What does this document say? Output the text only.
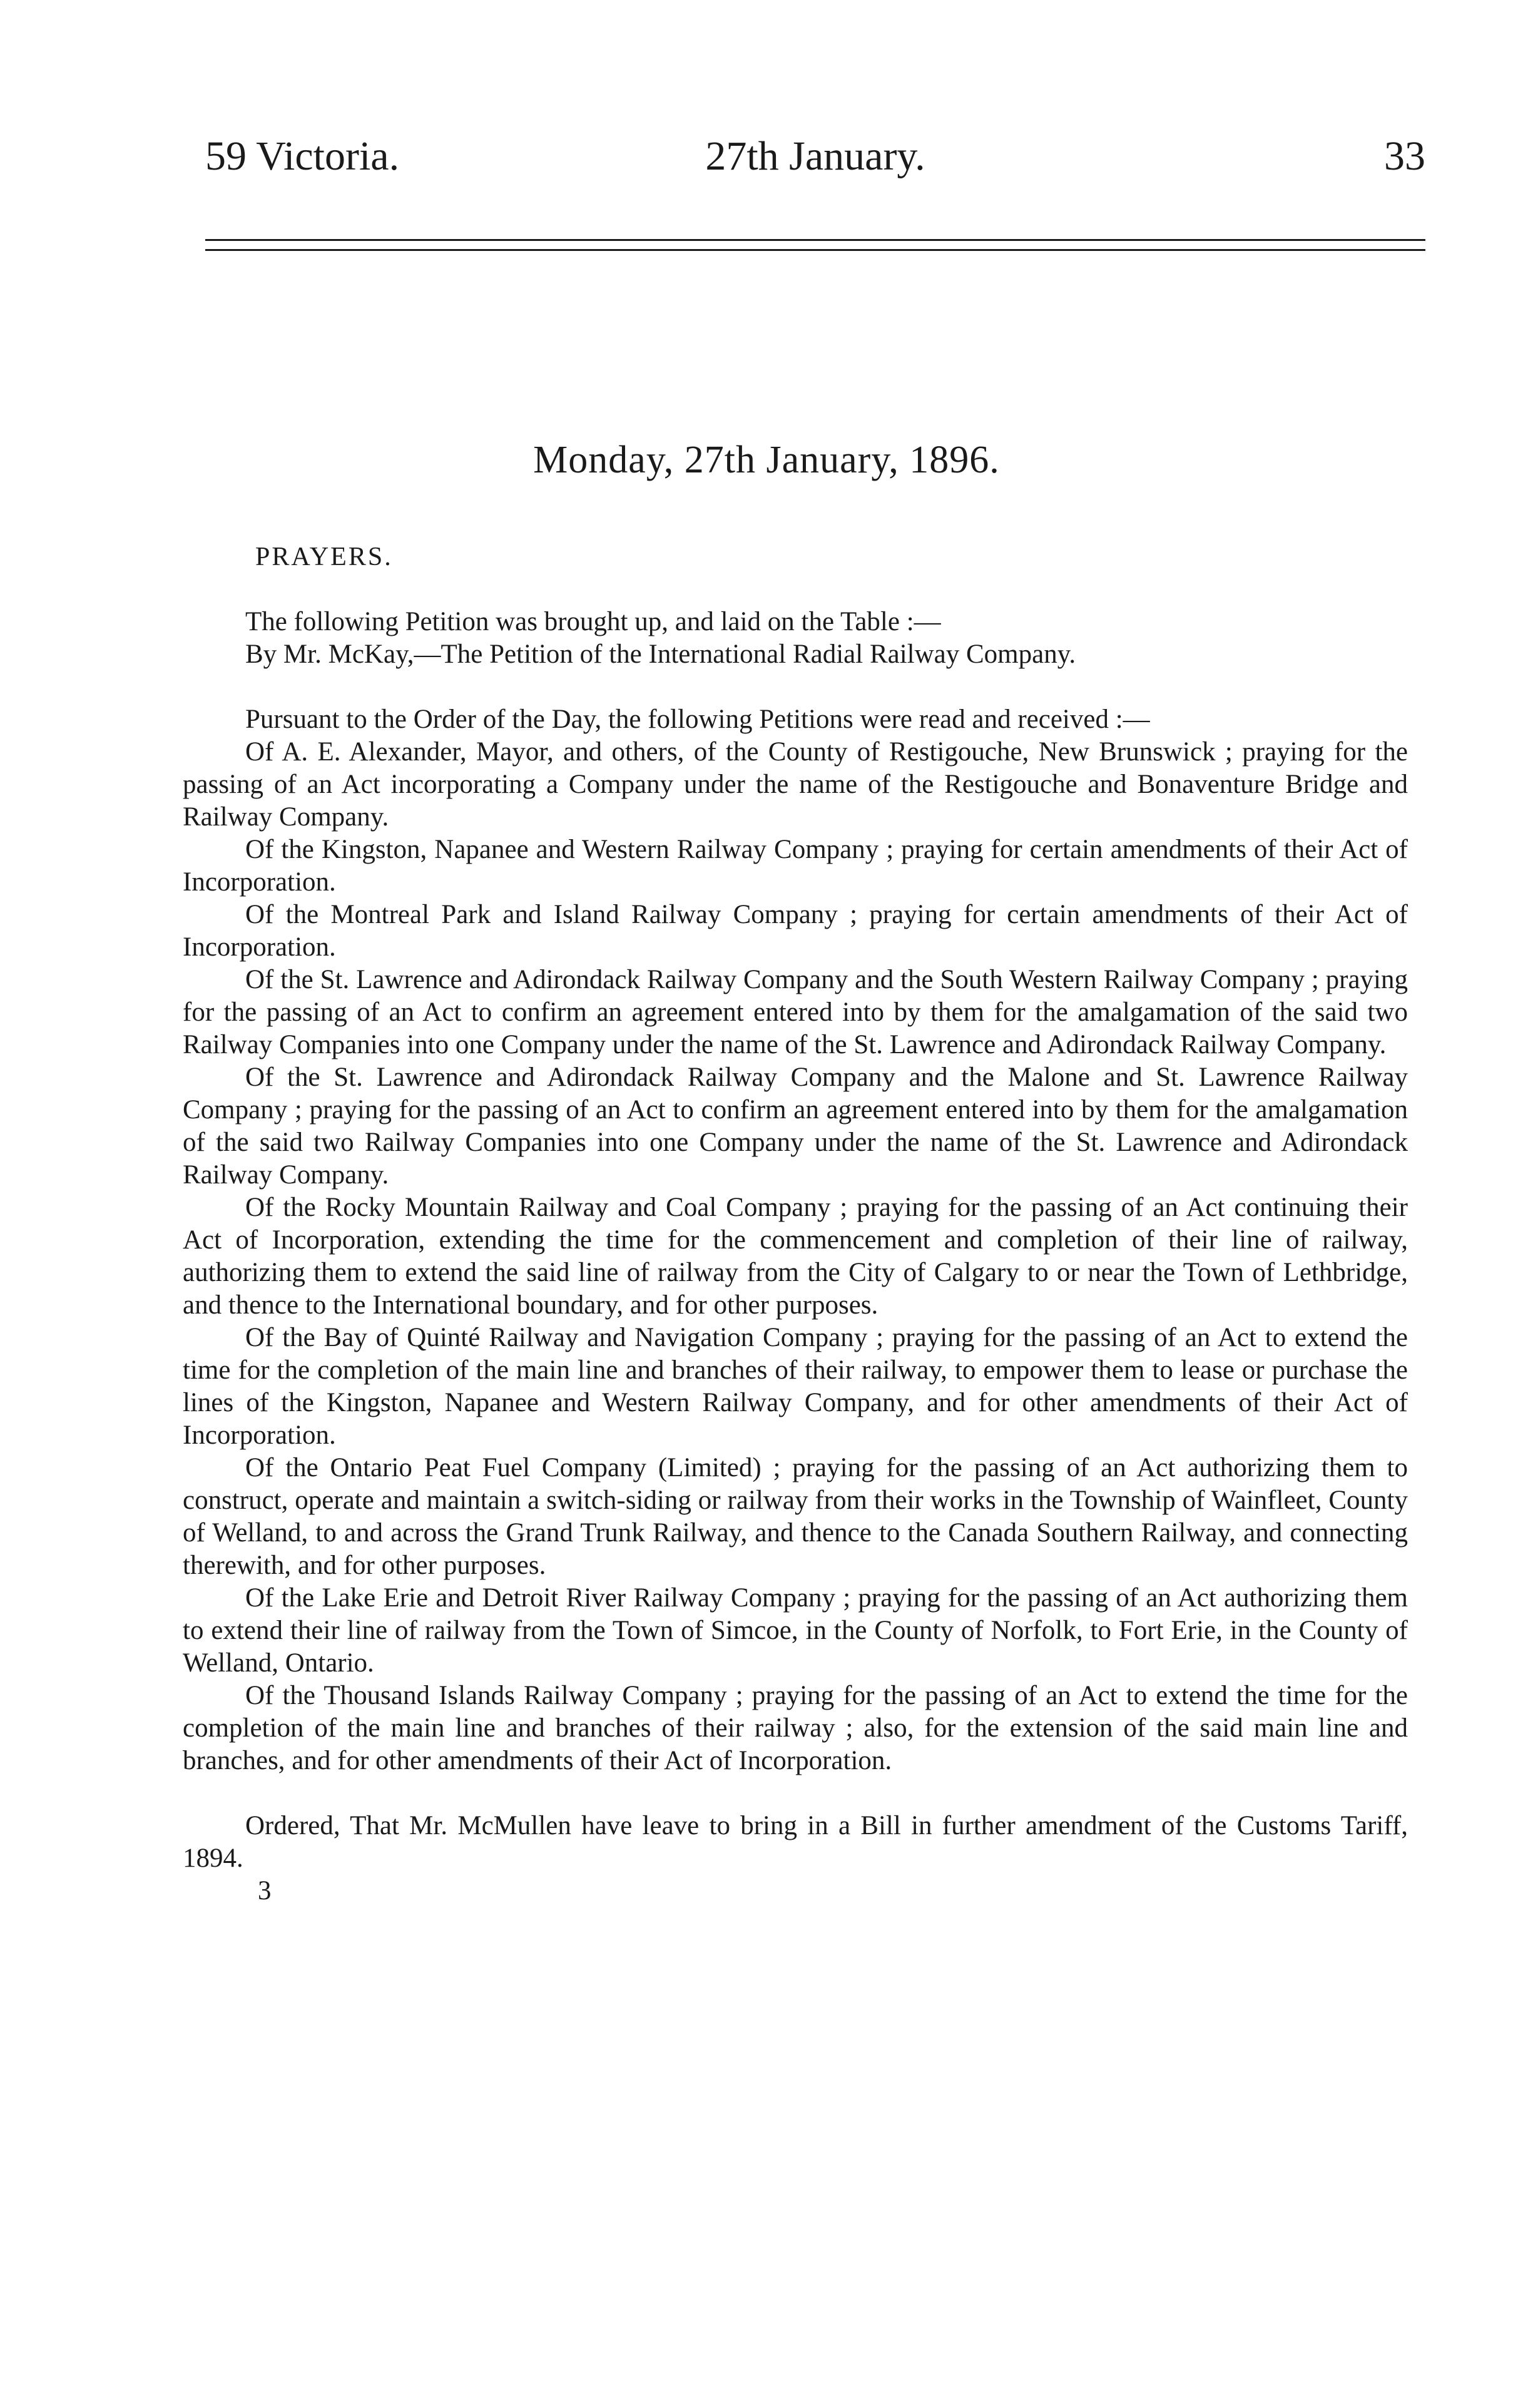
59 Victoria.	27th January.	33
Monday, 27th January, 1896.
PRAYERS.

The following Petition was brought up, and laid on the Table :—

By Mr. McKay,—The Petition of the International Radial Railway Company.

Pursuant to the Order of the Day, the following Petitions were read and received :—

Of A. E. Alexander, Mayor, and others, of the County of Restigouche, New Brunswick ; praying for the passing of an Act incorporating a Company under the name of the Restigouche and Bonaventure Bridge and Railway Company.

Of the Kingston, Napanee and Western Railway Company ; praying for certain amendments of their Act of Incorporation.

Of the Montreal Park and Island Railway Company ; praying for certain amendments of their Act of Incorporation.

Of the St. Lawrence and Adirondack Railway Company and the South Western Railway Company ; praying for the passing of an Act to confirm an agreement entered into by them for the amalgamation of the said two Railway Companies into one Company under the name of the St. Lawrence and Adirondack Railway Company.

Of the St. Lawrence and Adirondack Railway Company and the Malone and St. Lawrence Railway Company ; praying for the passing of an Act to confirm an agreement entered into by them for the amalgamation of the said two Railway Companies into one Company under the name of the St. Lawrence and Adirondack Railway Company.

Of the Rocky Mountain Railway and Coal Company ; praying for the passing of an Act continuing their Act of Incorporation, extending the time for the commencement and completion of their line of railway, authorizing them to extend the said line of railway from the City of Calgary to or near the Town of Lethbridge, and thence to the International boundary, and for other purposes.

Of the Bay of Quinté Railway and Navigation Company ; praying for the passing of an Act to extend the time for the completion of the main line and branches of their railway, to empower them to lease or purchase the lines of the Kingston, Napanee and Western Railway Company, and for other amendments of their Act of Incorporation.

Of the Ontario Peat Fuel Company (Limited) ; praying for the passing of an Act authorizing them to construct, operate and maintain a switch-siding or railway from their works in the Township of Wainfleet, County of Welland, to and across the Grand Trunk Railway, and thence to the Canada Southern Railway, and connecting therewith, and for other purposes.

Of the Lake Erie and Detroit River Railway Company ; praying for the passing of an Act authorizing them to extend their line of railway from the Town of Simcoe, in the County of Norfolk, to Fort Erie, in the County of Welland, Ontario.

Of the Thousand Islands Railway Company ; praying for the passing of an Act to extend the time for the completion of the main line and branches of their railway ; also, for the extension of the said main line and branches, and for other amendments of their Act of Incorporation.

Ordered, That Mr. McMullen have leave to bring in a Bill in further amendment of the Customs Tariff, 1894.

3
